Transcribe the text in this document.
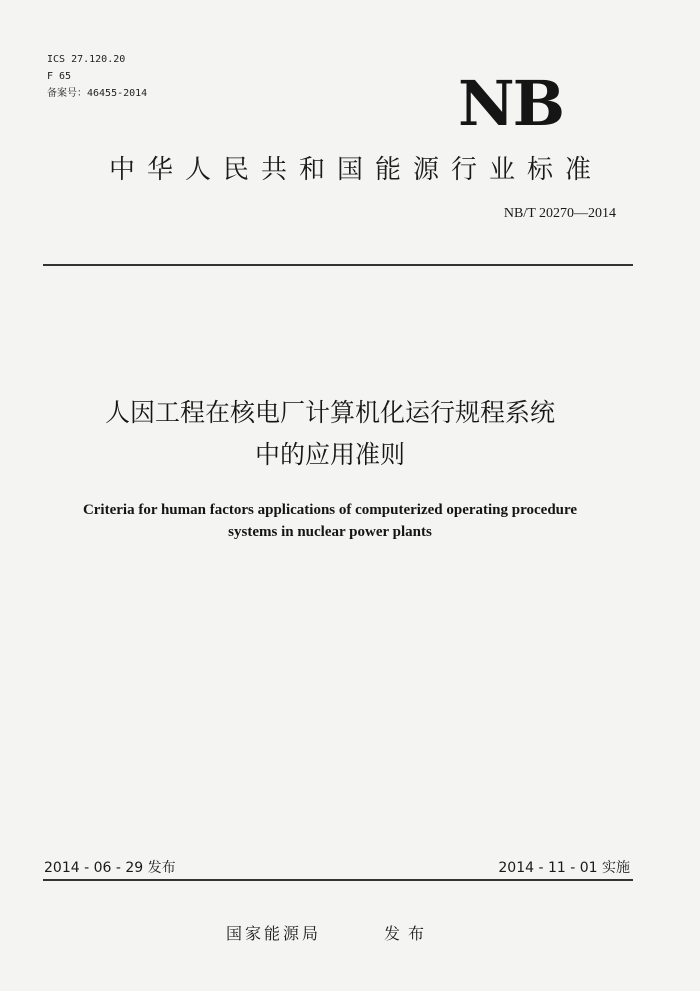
ICS 27.120.20
F 65
备案号：46455-2014	NB
中华人民共和国能源行业标准
NB/T 20270—2014
人因工程在核电厂计算机化运行规程系统
中的应用准则
Criteria for human factors applications of computerized operating procedure
systems in nuclear power plants
2014 - 06 - 29 发布	2014 - 11 - 01 实施
国家能源局	发布
